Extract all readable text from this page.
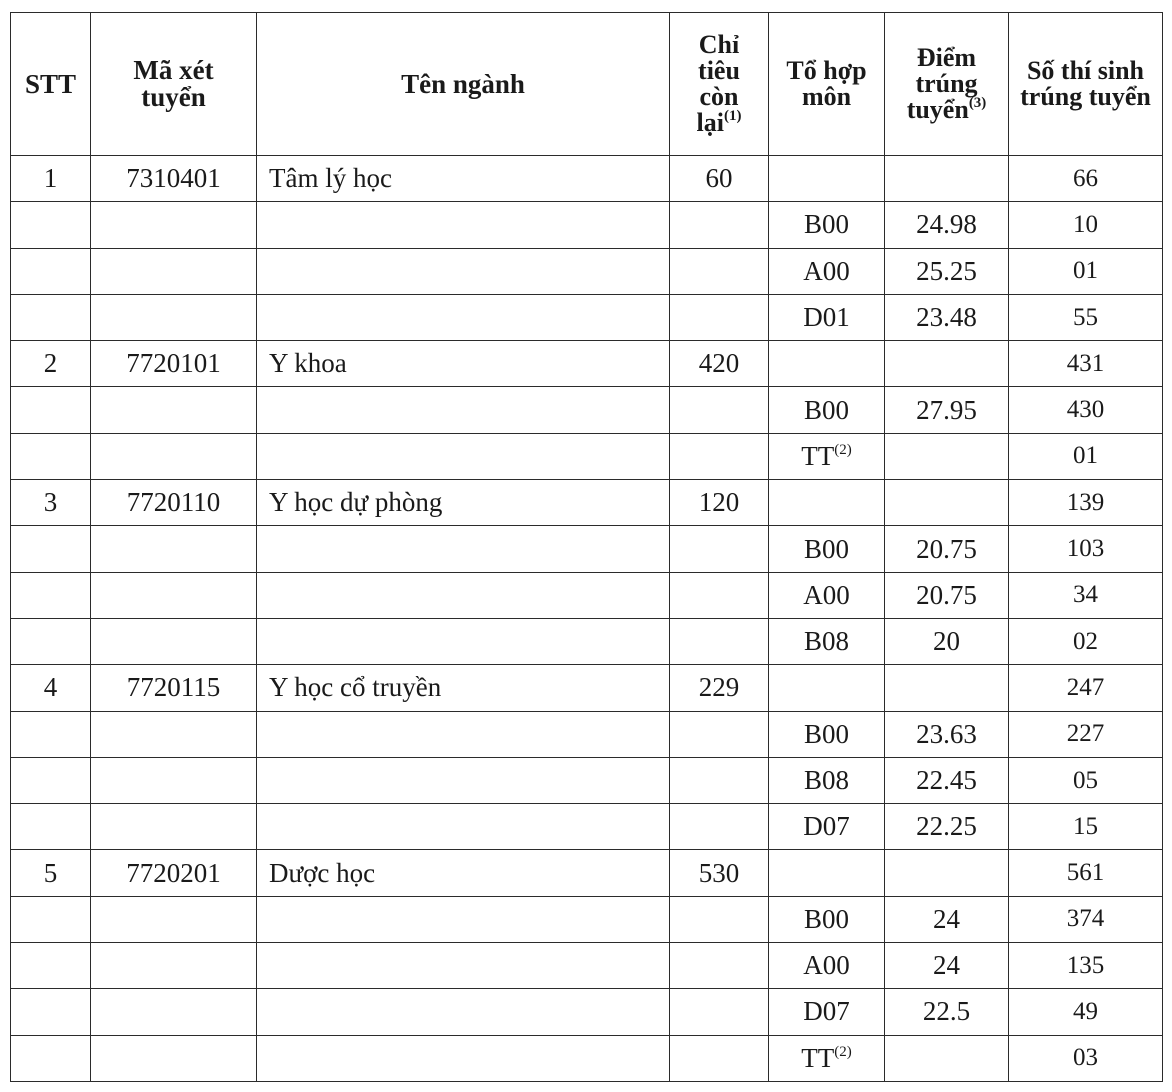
STT	Mã xét tuyển	Tên ngành	Chỉ tiêu còn lại$^{(1)}$	Tổ hợp môn	Điểm trúng tuyển$^{(3)}$	Số thí sinh trúng tuyển
1	7310401	Tâm lý học	60			66
				B00	24.98	10
				A00	25.25	01
				D01	23.48	55
2	7720101	Y khoa	420			431
				B00	27.95	430
				TT$^{(2)}$		01
3	7720110	Y học dự phòng	120			139
				B00	20.75	103
				A00	20.75	34
				B08	20	02
4	7720115	Y học cổ truyền	229			247
				B00	23.63	227
				B08	22.45	05
				D07	22.25	15
5	7720201	Dược học	530			561
				B00	24	374
				A00	24	135
				D07	22.5	49
				TT$^{(2)}$		03
